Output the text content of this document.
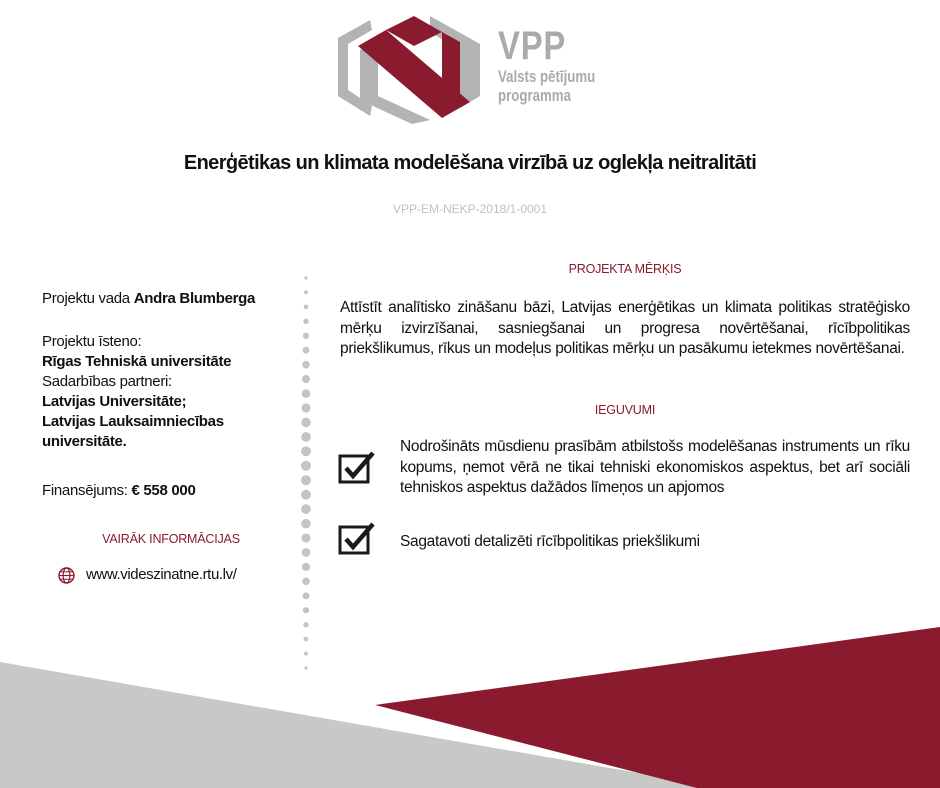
VPP
Valsts pētījumu
programma
Enerģētikas un klimata modelēšana virzībā uz oglekļa neitralitāti
VPP-EM-NEKP-2018/1-0001
Projektu vada Andra Blumberga
Projektu īsteno:
Rīgas Tehniskā universitāte
Sadarbības partneri:
Latvijas Universitāte;
Latvijas Lauksaimniecības
universitāte.
Finansējums: € 558 000
VAIRĀK INFORMĀCIJAS
www.videszinatne.rtu.lv/
PROJEKTA MĒRĶIS
Attīstīt analītisko zināšanu bāzi, Latvijas enerģētikas un klimata politikas stratēģisko mērķu izvirzīšanai, sasniegšanai un progresa novērtēšanai, rīcībpolitikas priekšlikumus, rīkus un modeļus politikas mērķu un pasākumu ietekmes novērtēšanai.
IEGUVUMI
Nodrošināts mūsdienu prasībām atbilstošs modelēšanas instruments un rīku kopums, ņemot vērā ne tikai tehniski ekonomiskos aspektus, bet arī sociāli tehniskos aspektus dažādos līmeņos un apjomos
Sagatavoti detalizēti rīcībpolitikas priekšlikumi
